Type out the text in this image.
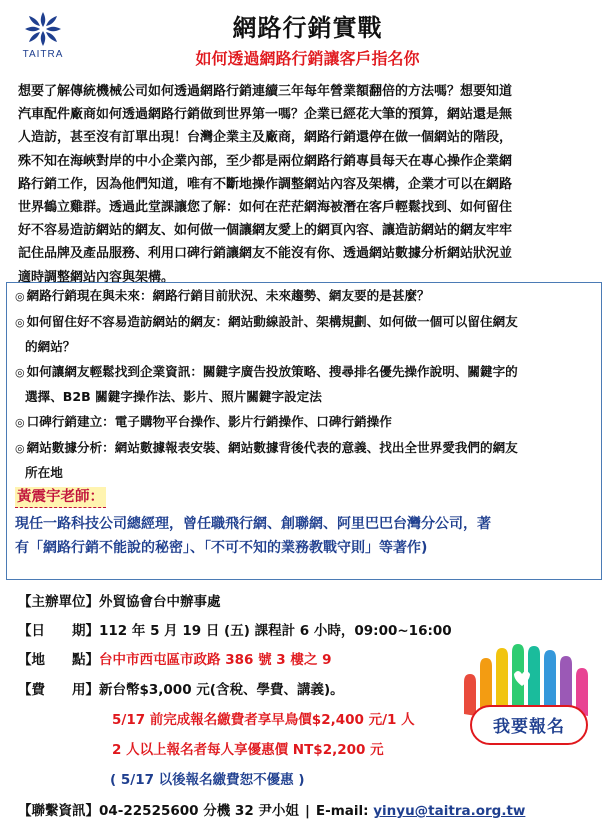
TAITRA
網路行銷實戰
如何透過網路行銷讓客戶指名你
想要了解傳統機械公司如何透過網路行銷連續三年每年營業額翻倍的方法嗎？想要知道
汽車配件廠商如何透過網路行銷做到世界第一嗎？企業已經花大筆的預算，網站還是無
人造訪，甚至沒有訂單出現！台灣企業主及廠商，網路行銷還停在做一個網站的階段，
殊不知在海峽對岸的中小企業內部，至少都是兩位網路行銷專員每天在專心操作企業網
路行銷工作，因為他們知道，唯有不斷地操作調整網站內容及架構，企業才可以在網路
世界鶴立雞群。透過此堂課讓您了解：如何在茫茫網海被潛在客戶輕鬆找到、如何留住
好不容易造訪網站的網友、如何做一個讓網友愛上的網頁內容、讓造訪網站的網友牢牢
記住品牌及產品服務、利用口碑行銷讓網友不能沒有你、透過網站數據分析網站狀況並
適時調整網站內容與架構。
◎ 網路行銷現在與未來：網路行銷目前狀況、未來趨勢、網友要的是甚麼？
◎ 如何留住好不容易造訪網站的網友：網站動線設計、架構規劃、如何做一個可以留住網友
的網站？
◎ 如何讓網友輕鬆找到企業資訊：關鍵字廣告投放策略、搜尋排名優先操作說明、關鍵字的
選擇、B2B 關鍵字操作法、影片、照片關鍵字設定法
◎ 口碑行銷建立：電子購物平台操作、影片行銷操作、口碑行銷操作
◎ 網站數據分析：網站數據報表安裝、網站數據背後代表的意義、找出全世界愛我們的網友
所在地
黃震宇老師：
現任一路科技公司總經理，曾任職飛行網、創聯網、阿里巴巴台灣分公司，著
有「網路行銷不能說的秘密」、「不可不知的業務教戰守則」等著作)
【主辦單位】外貿協會台中辦事處
【日　　期】112 年 5 月 19 日 (五) 課程計 6 小時，09:00~16:00
【地　　點】台中市西屯區市政路 386 號 3 樓之 9
【費　　用】新台幣$3,000 元(含稅、學費、講義)。
5/17 前完成報名繳費者享早鳥價$2,400 元/1 人
2 人以上報名者每人享優惠價 NT$2,200 元
( 5/17 以後報名繳費恕不優惠 )
【聯繫資訊】04-22525600 分機 32 尹小姐 | E-mail: yinyu@taitra.org.tw
我要報名
